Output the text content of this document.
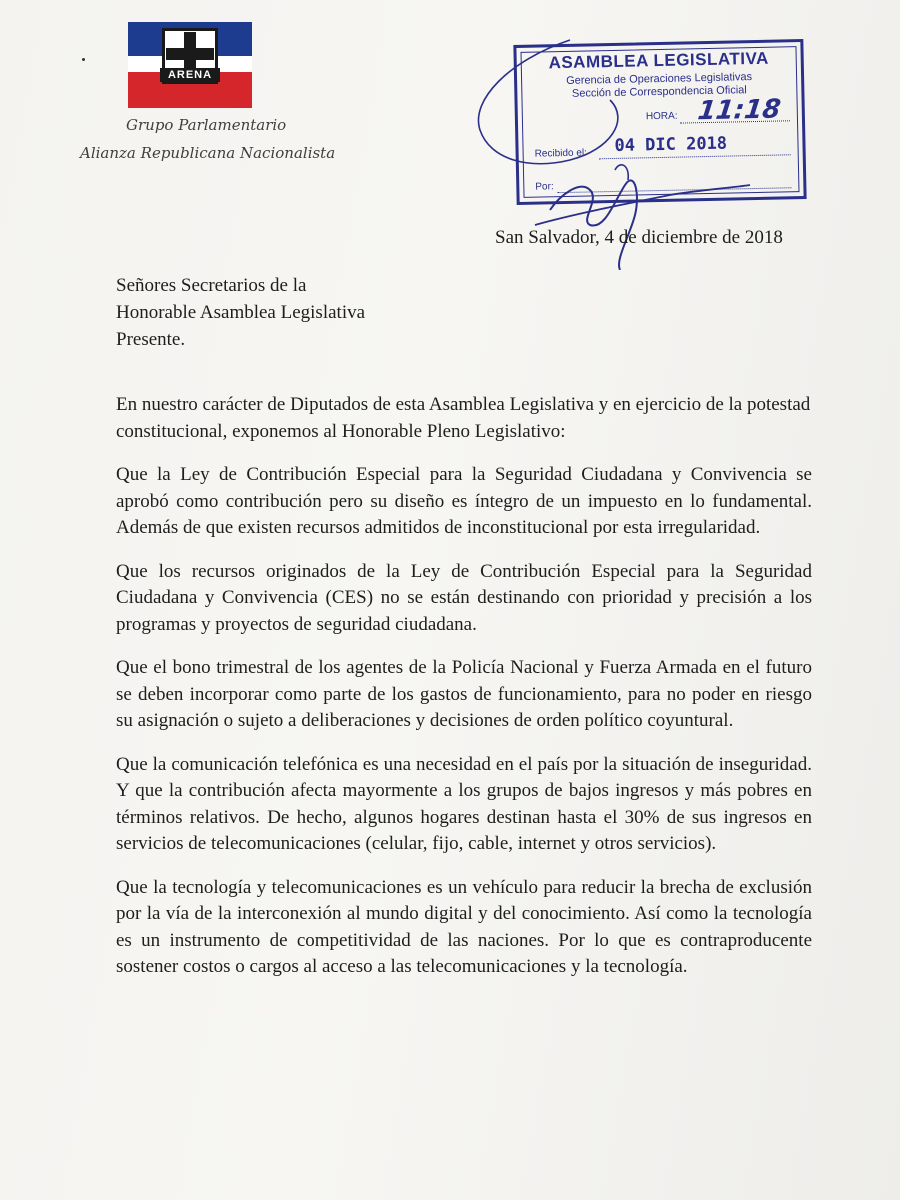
ARENA
Grupo Parlamentario
Alianza Republicana Nacionalista
ASAMBLEA LEGISLATIVA
Gerencia de Operaciones Legislativas
Sección de Correspondencia Oficial
HORA: 11:18
Recibido el: 04 DIC 2018
Por:
San Salvador, 4 de diciembre de 2018
Señores Secretarios de la
Honorable Asamblea Legislativa
Presente.

En nuestro carácter de Diputados de esta Asamblea Legislativa y en ejercicio de la potestad constitucional, exponemos al Honorable Pleno Legislativo:

Que la Ley de Contribución Especial para la Seguridad Ciudadana y Convivencia se aprobó como contribución pero su diseño es íntegro de un impuesto en lo fundamental. Además de que existen recursos admitidos de inconstitucional por esta irregularidad.

Que los recursos originados de la Ley de Contribución Especial para la Seguridad Ciudadana y Convivencia (CES) no se están destinando con prioridad y precisión a los programas y proyectos de seguridad ciudadana.

Que el bono trimestral de los agentes de la Policía Nacional y Fuerza Armada en el futuro se deben incorporar como parte de los gastos de funcionamiento, para no poder en riesgo su asignación o sujeto a deliberaciones y decisiones de orden político coyuntural.

Que la comunicación telefónica es una necesidad en el país por la situación de inseguridad. Y que la contribución afecta mayormente a los grupos de bajos ingresos y más pobres en términos relativos. De hecho, algunos hogares destinan hasta el 30% de sus ingresos en servicios de telecomunicaciones (celular, fijo, cable, internet y otros servicios).

Que la tecnología y telecomunicaciones es un vehículo para reducir la brecha de exclusión por la vía de la interconexión al mundo digital y del conocimiento. Así como la tecnología es un instrumento de competitividad de las naciones. Por lo que es contraproducente sostener costos o cargos al acceso a las telecomunicaciones y la tecnología.
